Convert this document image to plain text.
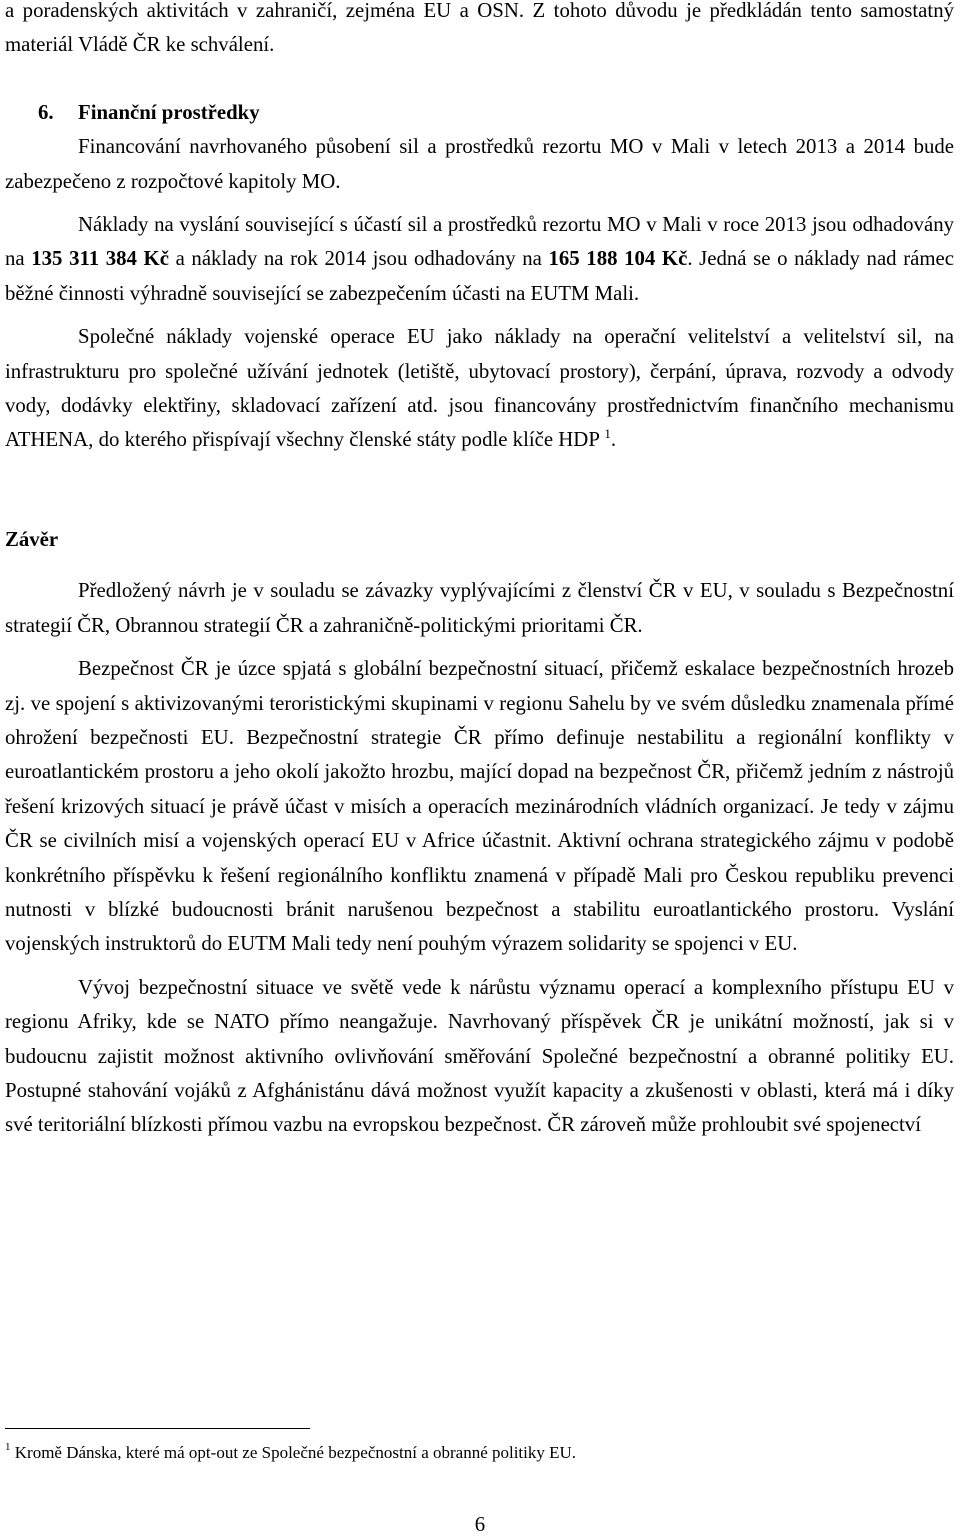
a poradenských aktivitách v zahraničí, zejména EU a OSN. Z tohoto důvodu je předkládán tento samostatný materiál Vládě ČR ke schválení.

6. Finanční prostředky

Financování navrhovaného působení sil a prostředků rezortu MO v Mali v letech 2013 a 2014 bude zabezpečeno z rozpočtové kapitoly MO.

Náklady na vyslání související s účastí sil a prostředků rezortu MO v Mali v roce 2013 jsou odhadovány na 135 311 384 Kč a náklady na rok 2014 jsou odhadovány na 165 188 104 Kč. Jedná se o náklady nad rámec běžné činnosti výhradně související se zabezpečením účasti na EUTM Mali.

Společné náklady vojenské operace EU jako náklady na operační velitelství a velitelství sil, na infrastrukturu pro společné užívání jednotek (letiště, ubytovací prostory), čerpání, úprava, rozvody a odvody vody, dodávky elektřiny, skladovací zařízení atd. jsou financovány prostřednictvím finančního mechanismu ATHENA, do kterého přispívají všechny členské státy podle klíče HDP $^1$.

Závěr

Předložený návrh je v souladu se závazky vyplývajícími z členství ČR v EU, v souladu s Bezpečnostní strategií ČR, Obrannou strategií ČR a zahraničně-politickými prioritami ČR.

Bezpečnost ČR je úzce spjatá s globální bezpečnostní situací, přičemž eskalace bezpečnostních hrozeb zj. ve spojení s aktivizovanými teroristickými skupinami v regionu Sahelu by ve svém důsledku znamenala přímé ohrožení bezpečnosti EU. Bezpečnostní strategie ČR přímo definuje nestabilitu a regionální konflikty v euroatlantickém prostoru a jeho okolí jakožto hrozbu, mající dopad na bezpečnost ČR, přičemž jedním z nástrojů řešení krizových situací je právě účast v misích a operacích mezinárodních vládních organizací. Je tedy v zájmu ČR se civilních misí a vojenských operací EU v Africe účastnit. Aktivní ochrana strategického zájmu v podobě konkrétního příspěvku k řešení regionálního konfliktu znamená v případě Mali pro Českou republiku prevenci nutnosti v blízké budoucnosti bránit narušenou bezpečnost a stabilitu euroatlantického prostoru. Vyslání vojenských instruktorů do EUTM Mali tedy není pouhým výrazem solidarity se spojenci v EU.

Vývoj bezpečnostní situace ve světě vede k nárůstu významu operací a komplexního přístupu EU v regionu Afriky, kde se NATO přímo neangažuje. Navrhovaný příspěvek ČR je unikátní možností, jak si v budoucnu zajistit možnost aktivního ovlivňování směřování Společné bezpečnostní a obranné politiky EU. Postupné stahování vojáků z Afghánistánu dává možnost využít kapacity a zkušenosti v oblasti, která má i díky své teritoriální blízkosti přímou vazbu na evropskou bezpečnost. ČR zároveň může prohloubit své spojenectví

$^1$ Kromě Dánska, které má opt-out ze Společné bezpečnostní a obranné politiky EU.
6
